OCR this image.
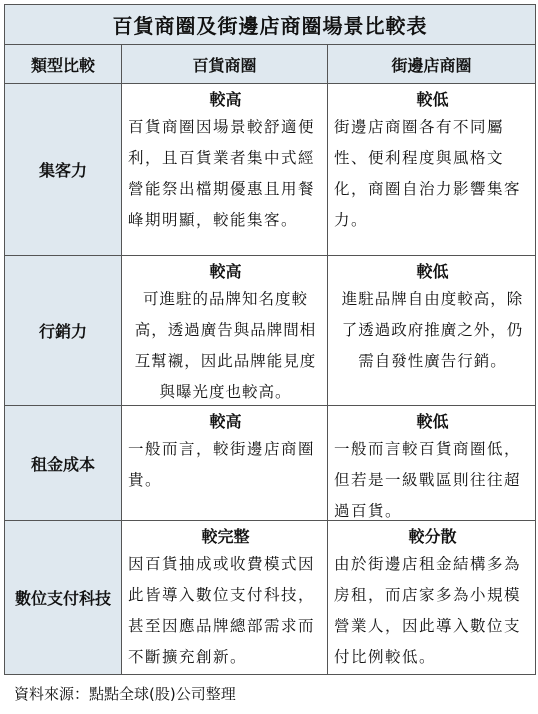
百貨商圈及街邊店商圈場景比較表
類型比較	百貨商圈	街邊店商圈
集客力
較高
百貨商圈因場景較舒適便利，且百貨業者集中式經營能祭出檔期優惠且用餐峰期明顯，較能集客。
較低
街邊店商圈各有不同屬性、便利程度與風格文化，商圈自治力影響集客力。
行銷力
較高
可進駐的品牌知名度較高，透過廣告與品牌間相互幫襯，因此品牌能見度與曝光度也較高。
較低
進駐品牌自由度較高，除了透過政府推廣之外，仍需自發性廣告行銷。
租金成本
較高
一般而言，較街邊店商圈貴。
較低
一般而言較百貨商圈低，但若是一級戰區則往往超過百貨。
數位支付科技
較完整
因百貨抽成或收費模式因此皆導入數位支付科技，甚至因應品牌總部需求而不斷擴充創新。
較分散
由於街邊店租金結構多為房租，而店家多為小規模營業人，因此導入數位支付比例較低。
資料來源：點點全球(股)公司整理
